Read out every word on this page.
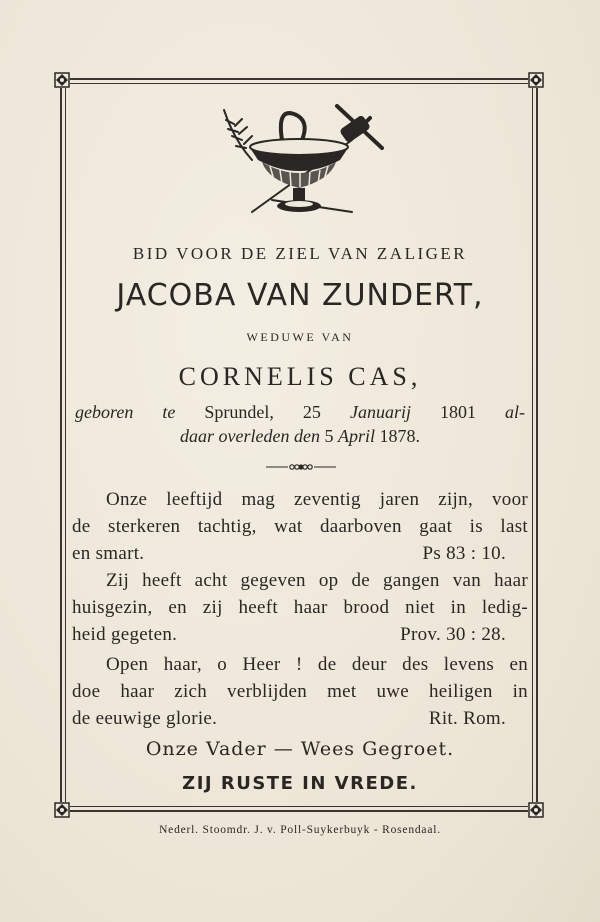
BID VOOR DE ZIEL VAN ZALIGER
JACOBA VAN ZUNDERT,
WEDUWE VAN
CORNELIS CAS,
geboren te Sprundel, 25 Januarij 1801 al-
daar overleden den 5 April 1878.
Onze leeftijd mag zeventig jaren zijn, voor
de sterkeren tachtig, wat daarboven gaat is last
en smart.	Ps 83 : 10.
Zij heeft acht gegeven op de gangen van haar
huisgezin, en zij heeft haar brood niet in ledig-
heid gegeten.	Prov. 30 : 28.
Open haar, o Heer ! de deur des levens en
doe haar zich verblijden met uwe heiligen in
de eeuwige glorie.	Rit. Rom.
Onze Vader — Wees Gegroet.
ZIJ RUSTE IN VREDE.
Nederl. Stoomdr. J. v. Poll-Suykerbuyk - Rosendaal.
